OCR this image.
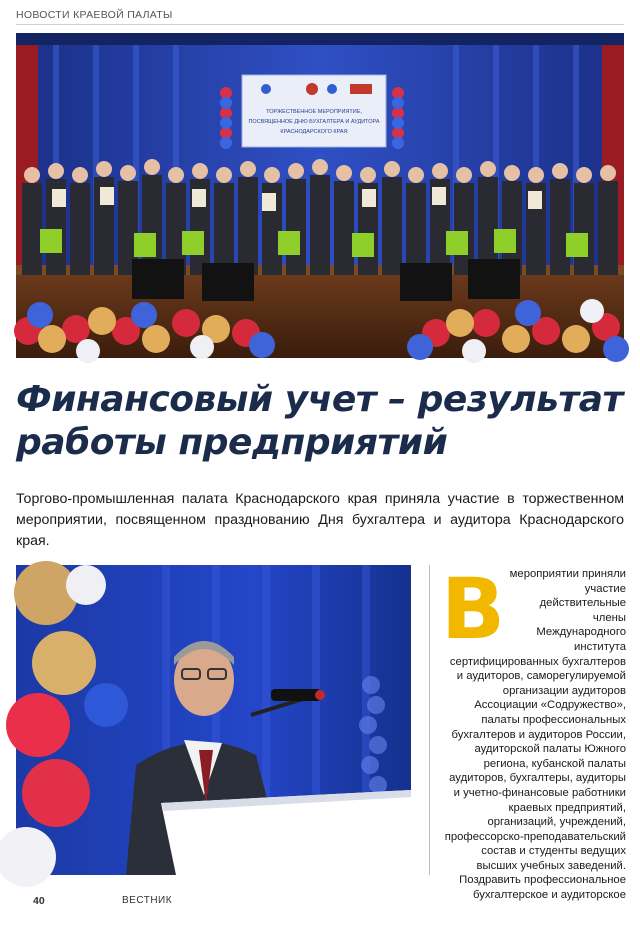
НОВОСТИ КРАЕВОЙ ПАЛАТЫ
ТОРЖЕСТВЕННОЕ МЕРОПРИЯТИЕ,
ПОСВЯЩЕННОЕ ДНЮ БУХГАЛТЕРА И АУДИТОРА
КРАСНОДАРСКОГО КРАЯ
Финансовый учет – результат работы предприятий

Торгово-промышленная палата Краснодарского края приняла участие в торжественном мероприятии, посвященном празднованию Дня бухгалтера и аудитора Краснодарского края.

В мероприятии приняли участие действительные члены Международного института сертифицированных бухгалтеров и аудиторов, саморегулируемой организации аудиторов Ассоциации «Содружество», палаты профессиональных бухгалтеров и аудиторов России, аудиторской палаты Южного региона, кубанской палаты аудиторов, бухгалтеры, аудиторы и учетно-финансовые работники краевых предприятий, организаций, учреждений, профессорско-преподавательский состав и студенты ведущих высших учебных заведений.

Поздравить профессиональное бухгалтерское и аудиторское

40	ВЕСТНИК
